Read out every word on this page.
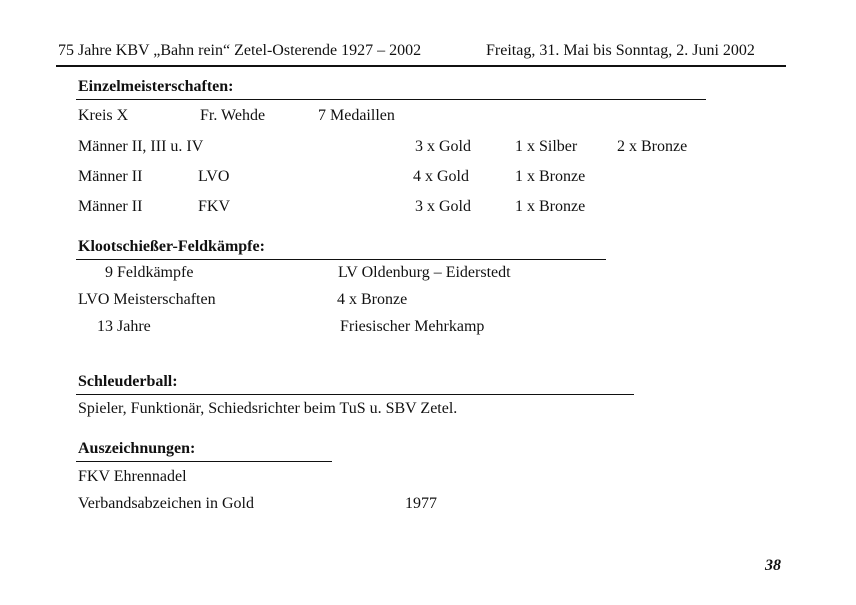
75 Jahre KBV „Bahn rein“ Zetel-Osterende 1927 – 2002	Freitag, 31. Mai bis Sonntag, 2. Juni 2002
Einzelmeisterschaften:
Kreis X	Fr. Wehde	7 Medaillen
Männer II, III u. IV	3 x Gold	1 x Silber 2 x Bronze
Männer II	LVO	4 x Gold	1 x Bronze
Männer II	FKV	3 x Gold	1 x Bronze
Klootschießer-Feldkämpfe:
9 Feldkämpfe	LV Oldenburg – Eiderstedt
LVO Meisterschaften	4 x Bronze
13 Jahre	Friesischer Mehrkamp
Schleuderball:
Spieler, Funktionär, Schiedsrichter beim TuS u. SBV Zetel.
Auszeichnungen:
FKV Ehrennadel
Verbandsabzeichen in Gold	1977
38
